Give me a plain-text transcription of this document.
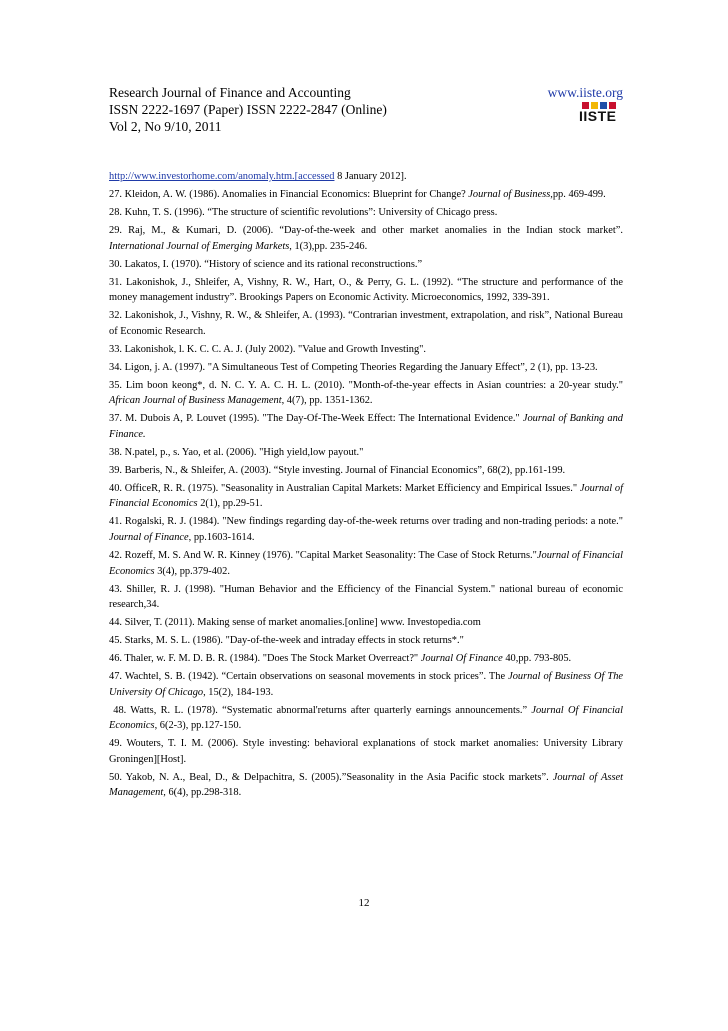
Research Journal of Finance and Accounting	www.iiste.org
ISSN 2222-1697 (Paper) ISSN 2222-2847 (Online)
Vol 2, No 9/10, 2011
IISTE
http://www.investorhome.com/anomaly.htm.[accessed 8 January 2012].
27. Kleidon, A. W. (1986). Anomalies in Financial Economics: Blueprint for Change? Journal of Business,pp. 469-499.
28. Kuhn, T. S. (1996). “The structure of scientific revolutions”: University of Chicago press.
29. Raj, M., & Kumari, D. (2006). “Day-of-the-week and other market anomalies in the Indian stock market”. International Journal of Emerging Markets, 1(3),pp. 235-246.
30. Lakatos, I. (1970). “History of science and its rational reconstructions.”
31. Lakonishok, J., Shleifer, A, Vishny, R. W., Hart, O., & Perry, G. L. (1992). “The structure and performance of the money management industry”. Brookings Papers on Economic Activity. Microeconomics, 1992, 339-391.
32. Lakonishok, J., Vishny, R. W., & Shleifer, A. (1993). “Contrarian investment, extrapolation, and risk”, National Bureau of Economic Research.
33. Lakonishok, l. K. C. C. A. J. (July 2002). "Value and Growth Investing".
34. Ligon, j. A. (1997). "A Simultaneous Test of Competing Theories Regarding the January Effect”, 2 (1), pp. 13-23.
35. Lim boon keong*, d. N. C. Y. A. C. H. L. (2010). "Month-of-the-year effects in Asian countries: a 20-year study." African Journal of Business Management, 4(7), pp. 1351-1362.
37. M. Dubois A, P. Louvet (1995). "The Day-Of-The-Week Effect: The International Evidence." Journal of Banking and Finance.
38. N.patel, p., s. Yao, et al. (2006). "High yield,low payout."
39. Barberis, N., & Shleifer, A. (2003). “Style investing. Journal of Financial Economics”, 68(2), pp.161-199.
40. OfficeR, R. R. (1975). "Seasonality in Australian Capital Markets: Market Efficiency and Empirical Issues." Journal of Financial Economics 2(1), pp.29-51.
41. Rogalski, R. J. (1984). "New findings regarding day-of-the-week returns over trading and non-trading periods: a note." Journal of Finance, pp.1603-1614.
42. Rozeff, M. S. And W. R. Kinney (1976). "Capital Market Seasonality: The Case of Stock Returns."Journal of Financial Economics 3(4), pp.379-402.
43. Shiller, R. J. (1998). "Human Behavior and the Efficiency of the Financial System." national bureau of economic research,34.
44. Silver, T. (2011). Making sense of market anomalies.[online] www. Investopedia.com
45. Starks, M. S. L. (1986). "Day-of-the-week and intraday effects in stock returns*."
46. Thaler, w. F. M. D. B. R. (1984). "Does The Stock Market Overreact?" Journal Of Finance 40,pp. 793-805.
47. Wachtel, S. B. (1942). “Certain observations on seasonal movements in stock prices”. The Journal of Business Of The University Of Chicago, 15(2), 184-193.
48. Watts, R. L. (1978). “Systematic abnormal'returns after quarterly earnings announcements.” Journal Of Financial Economics, 6(2-3), pp.127-150.
49. Wouters, T. I. M. (2006). Style investing: behavioral explanations of stock market anomalies: University Library Groningen][Host].
50. Yakob, N. A., Beal, D., & Delpachitra, S. (2005).”Seasonality in the Asia Pacific stock markets”. Journal of Asset Management, 6(4), pp.298-318.
12
